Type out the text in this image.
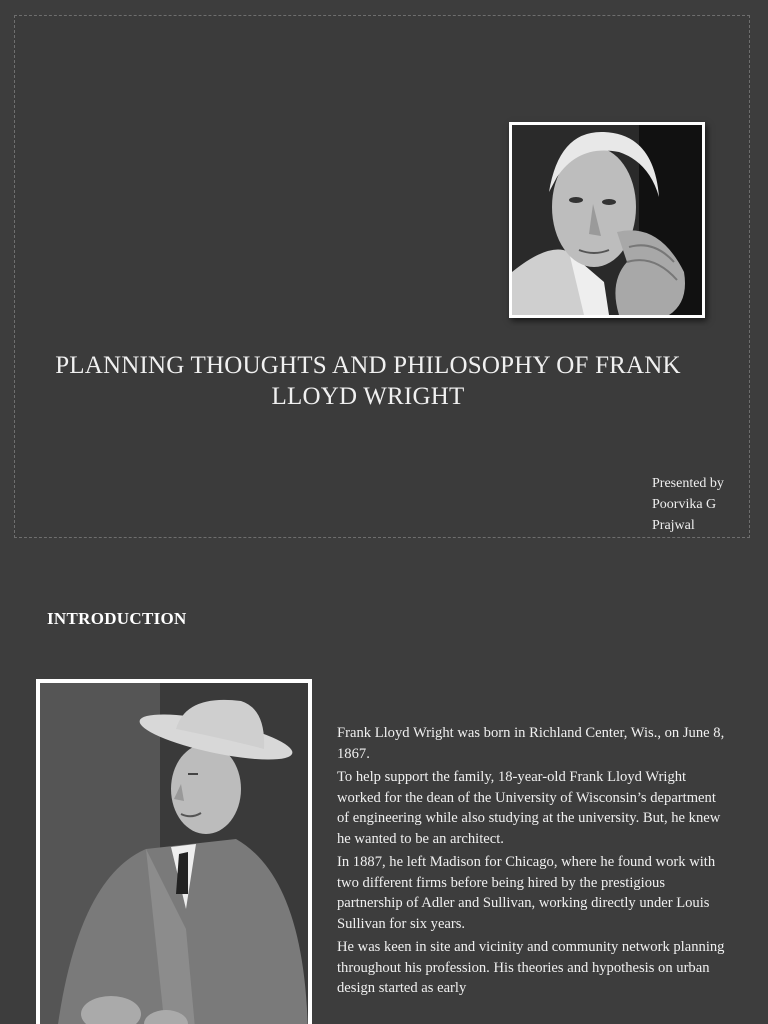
PLANNING THOUGHTS AND PHILOSOPHY OF FRANK LLOYD WRIGHT
Presented by
Poorvika G
Prajwal
INTRODUCTION

Frank Lloyd Wright was born in Richland Center, Wis., on June 8, 1867.

To help support the family, 18-year-old Frank Lloyd Wright worked for the dean of the University of Wisconsin’s department of engineering while also studying at the university. But, he knew he wanted to be an architect.

In 1887, he left Madison for Chicago, where he found work with two different firms before being hired by the prestigious partnership of Adler and Sullivan, working directly under Louis Sullivan for six years.

He was keen in site and vicinity and community network planning throughout his profession. His theories and hypothesis on urban design started as early
